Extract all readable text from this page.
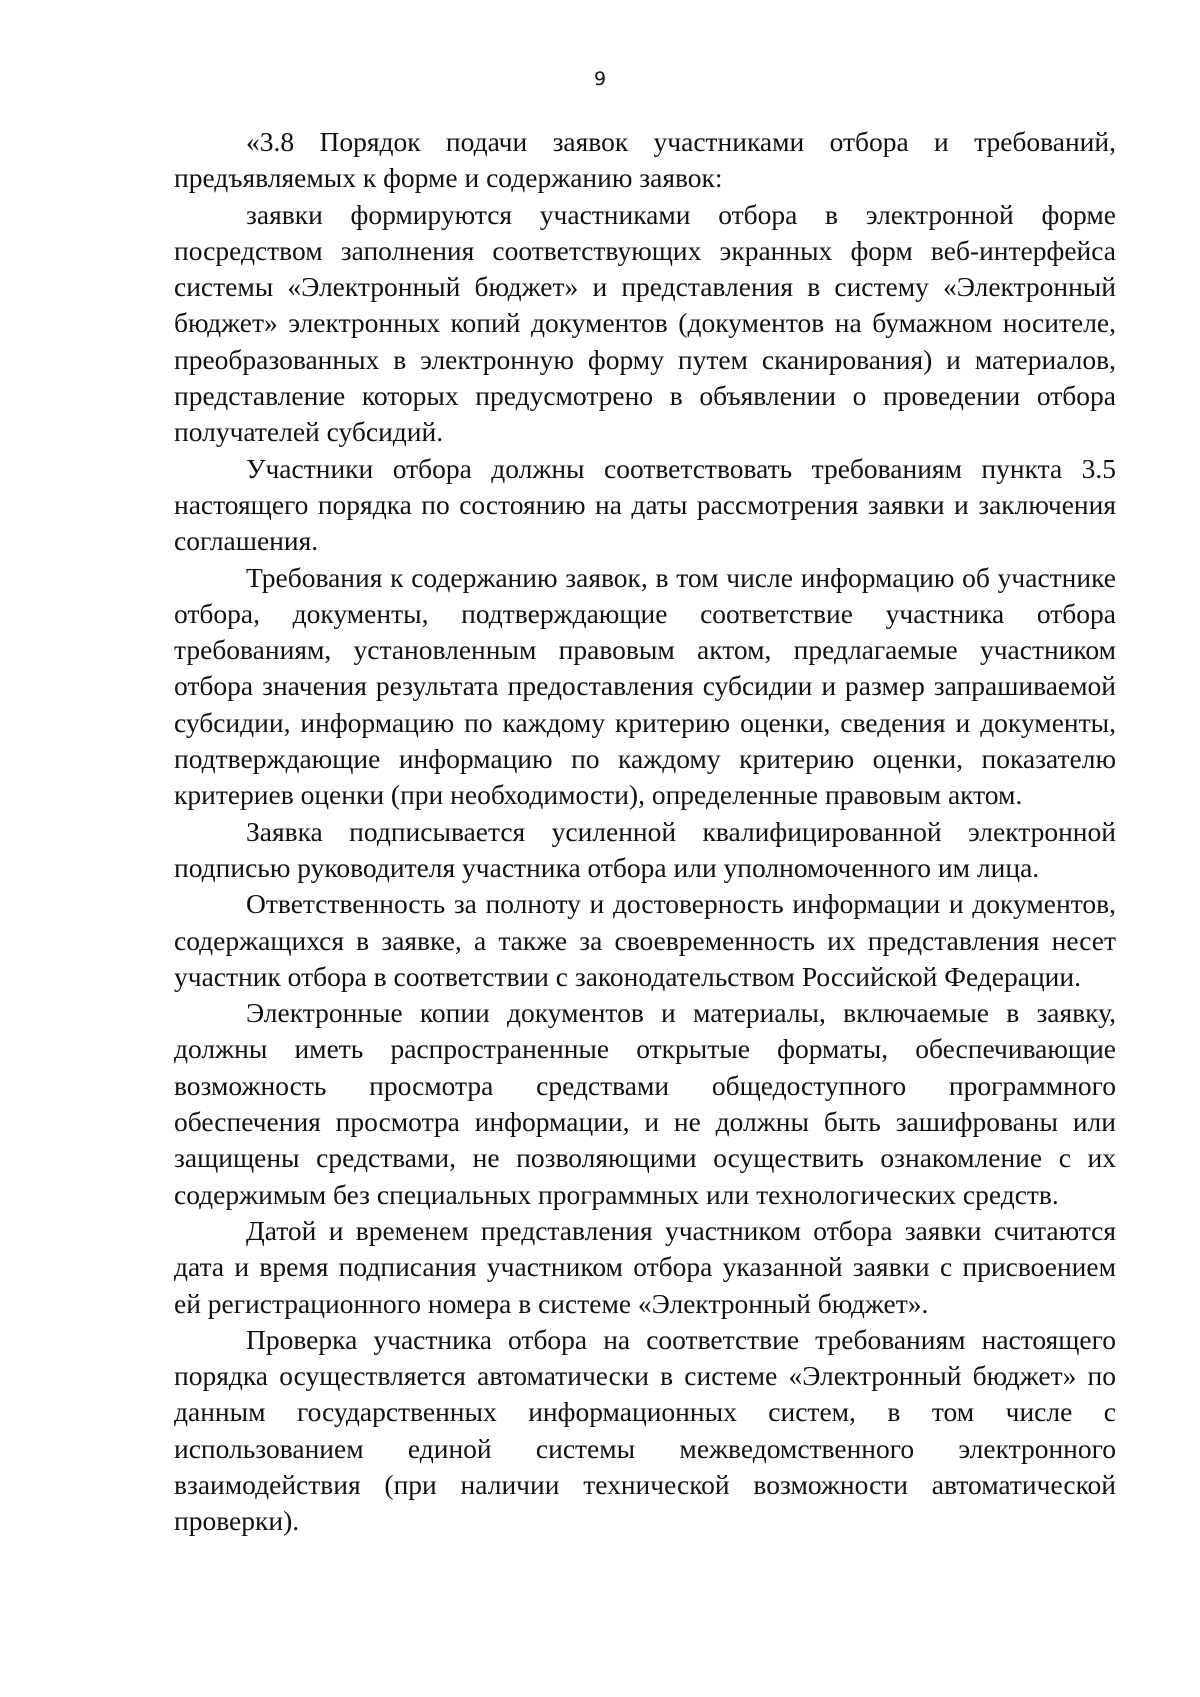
9

«3.8 Порядок подачи заявок участниками отбора и требований, предъявляемых к форме и содержанию заявок:

заявки формируются участниками отбора в электронной форме посредством заполнения соответствующих экранных форм веб-интерфейса системы «Электронный бюджет» и представления в систему «Электронный бюджет» электронных копий документов (документов на бумажном носителе, преобразованных в электронную форму путем сканирования) и материалов, представление которых предусмотрено в объявлении о проведении отбора получателей субсидий.

Участники отбора должны соответствовать требованиям пункта 3.5 настоящего порядка по состоянию на даты рассмотрения заявки и заключения соглашения.

Требования к содержанию заявок, в том числе информацию об участнике отбора, документы, подтверждающие соответствие участника отбора требованиям, установленным правовым актом, предлагаемые участником отбора значения результата предоставления субсидии и размер запрашиваемой субсидии, информацию по каждому критерию оценки, сведения и документы, подтверждающие информацию по каждому критерию оценки, показателю критериев оценки (при необходимости), определенные правовым актом.

Заявка подписывается усиленной квалифицированной электронной подписью руководителя участника отбора или уполномоченного им лица.

Ответственность за полноту и достоверность информации и документов, содержащихся в заявке, а также за своевременность их представления несет участник отбора в соответствии с законодательством Российской Федерации.

Электронные копии документов и материалы, включаемые в заявку, должны иметь распространенные открытые форматы, обеспечивающие возможность просмотра средствами общедоступного программного обеспечения просмотра информации, и не должны быть зашифрованы или защищены средствами, не позволяющими осуществить ознакомление с их содержимым без специальных программных или технологических средств.

Датой и временем представления участником отбора заявки считаются дата и время подписания участником отбора указанной заявки с присвоением ей регистрационного номера в системе «Электронный бюджет».

Проверка участника отбора на соответствие требованиям настоящего порядка осуществляется автоматически в системе «Электронный бюджет» по данным государственных информационных систем, в том числе с использованием единой системы межведомственного электронного взаимодействия (при наличии технической возможности автоматической проверки).
